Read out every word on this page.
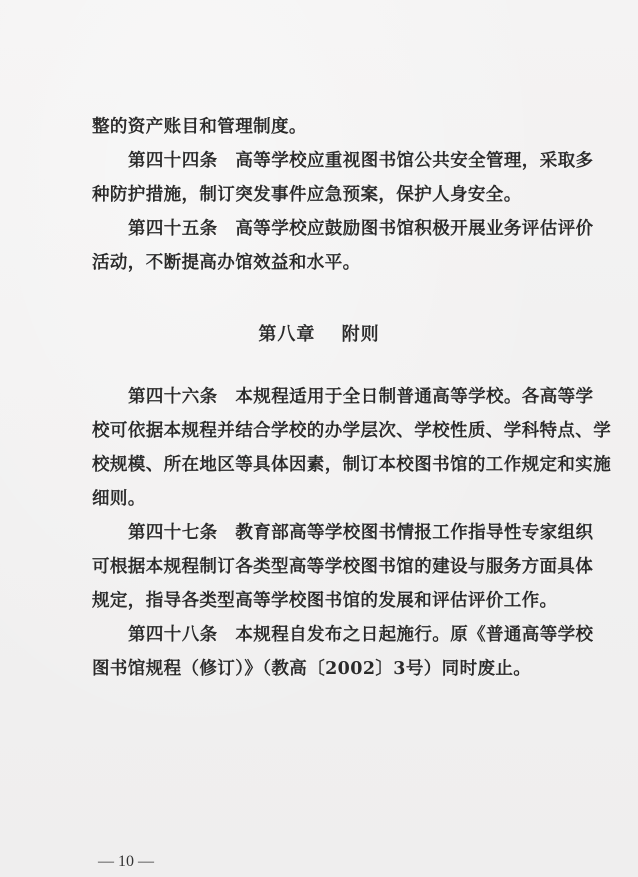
整的资产账目和管理制度。
第四十四条　高等学校应重视图书馆公共安全管理，采取多
种防护措施，制订突发事件应急预案，保护人身安全。
第四十五条　高等学校应鼓励图书馆积极开展业务评估评价
活动，不断提高办馆效益和水平。
第八章　 附则
第四十六条　本规程适用于全日制普通高等学校。各高等学
校可依据本规程并结合学校的办学层次、学校性质、学科特点、学
校规模、所在地区等具体因素，制订本校图书馆的工作规定和实施
细则。
第四十七条　教育部高等学校图书情报工作指导性专家组织
可根据本规程制订各类型高等学校图书馆的建设与服务方面具体
规定，指导各类型高等学校图书馆的发展和评估评价工作。
第四十八条　本规程自发布之日起施行。原《普通高等学校
图书馆规程（修订）》（教高〔2002〕3号）同时废止。
— 10 —
